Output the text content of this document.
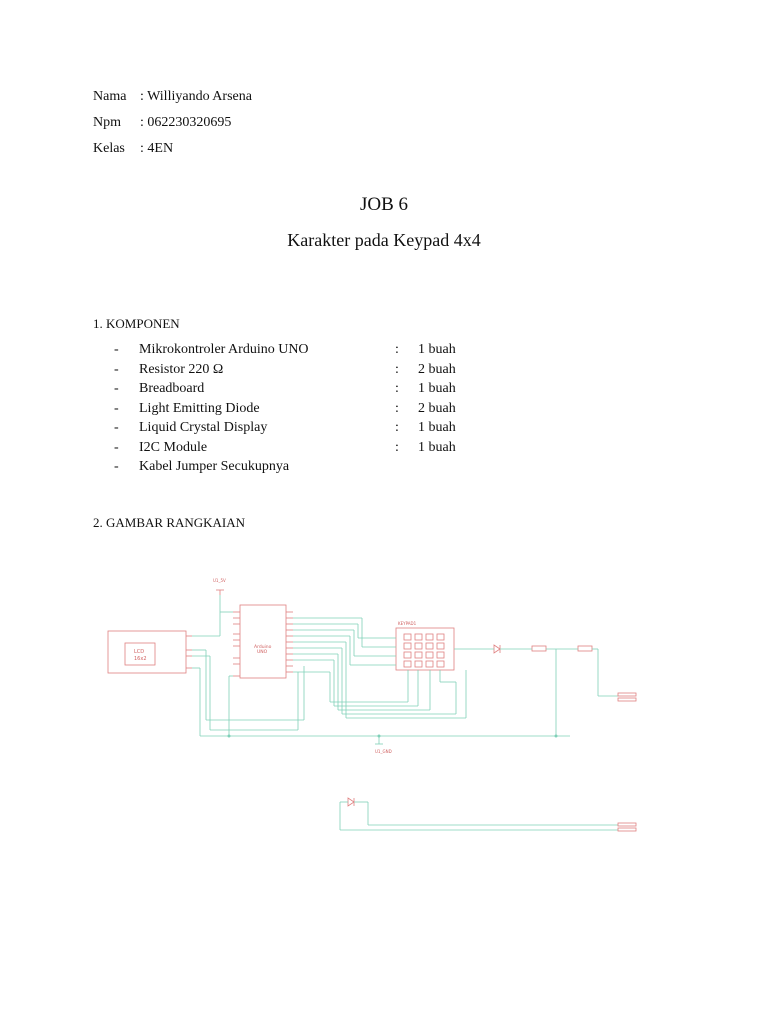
Nama : Williyando Arsena
Npm : 062230320695
Kelas : 4EN
JOB 6
Karakter pada Keypad 4x4
1. KOMPONEN
- Mikrokontroler Arduino UNO	: 1 buah
- Resistor 220 Ω	: 2 buah
- Breadboard	: 1 buah
- Light Emitting Diode	: 2 buah
- Liquid Crystal Display	: 1 buah
- I2C Module	: 1 buah
- Kabel Jumper Secukupnya
2. GAMBAR RANGKAIAN
U1_5V
LCD
16x2
Arduino
UNO
KEYPAD1
U1_GND
